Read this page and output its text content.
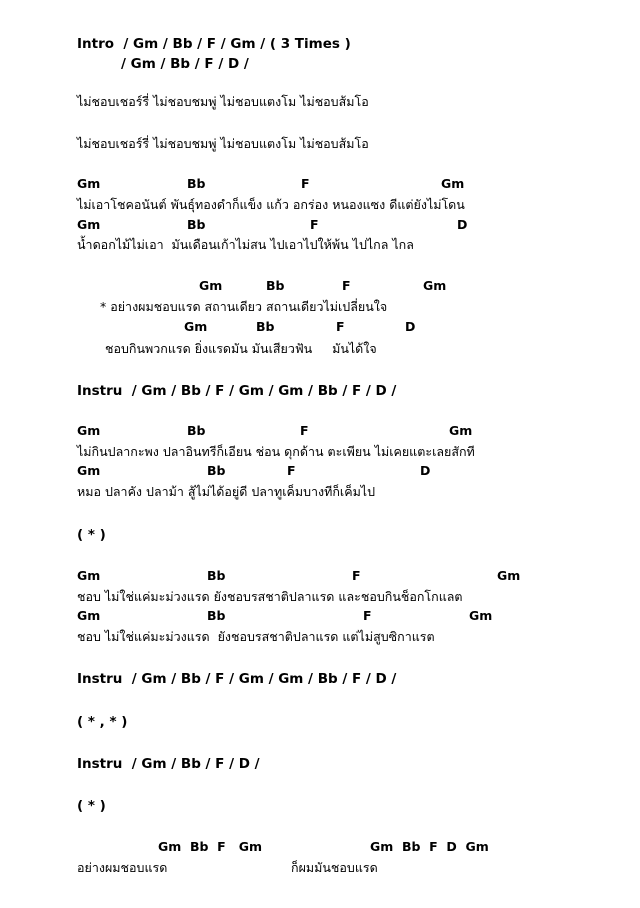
Intro  / Gm / Bb / F / Gm / ( 3 Times )
/ Gm / Bb / F / D /
ไม่ชอบเชอร์รี่ ไม่ชอบชมพู่ ไม่ชอบแตงโม ไม่ชอบส้มโอ
ไม่ชอบเชอร์รี่ ไม่ชอบชมพู่ ไม่ชอบแตงโม ไม่ชอบส้มโอ
Gm	Bb	F	Gm
ไม่เอาโชคอนันต์ พันธุ์ทองดำก็แข็ง แก้ว อกร่อง หนองแซง ดีแต่ยังไม่โดน
Gm	Bb	F	D
น้ำดอกไม้ไม่เอา  มันเดือนเก้าไม่สน ไปเอาไปให้พ้น ไปไกล ไกล
Gm	Bb	F	Gm
* อย่างผมชอบแรด สถานเดียว สถานเดียวไม่เปลี่ยนใจ
Gm	Bb	F	D
ชอบกินพวกแรด ยิ่งแรดมัน มันเสียวฟัน     มันได้ใจ
Instru  / Gm / Bb / F / Gm / Gm / Bb / F / D /
Gm	Bb	F	Gm
ไม่กินปลากะพง ปลาอินทรีก็เอียน ช่อน ดุกด้าน ตะเพียน ไม่เคยแตะเลยสักที
Gm	Bb	F	D
หมอ ปลาคัง ปลาม้า สู้ไม่ได้อยู่ดี ปลาทูเค็มบางทีก็เค็มไป
( * )
Gm	Bb	F	Gm
ชอบ ไม่ใช่แค่มะม่วงแรด ยังชอบรสชาติปลาแรด และชอบกินช็อกโกแลต
Gm	Bb	F	Gm
ชอบ ไม่ใช่แค่มะม่วงแรด  ยังชอบรสชาติปลาแรด แต่ไม่สูบซิกาแรต
Instru  / Gm / Bb / F / Gm / Gm / Bb / F / D /
( * , * )
Instru  / Gm / Bb / F / D /
( * )
Gm  Bb  F   Gm	Gm  Bb  F  D  Gm
อย่างผมชอบแรด	ก็ผมมันชอบแรด
